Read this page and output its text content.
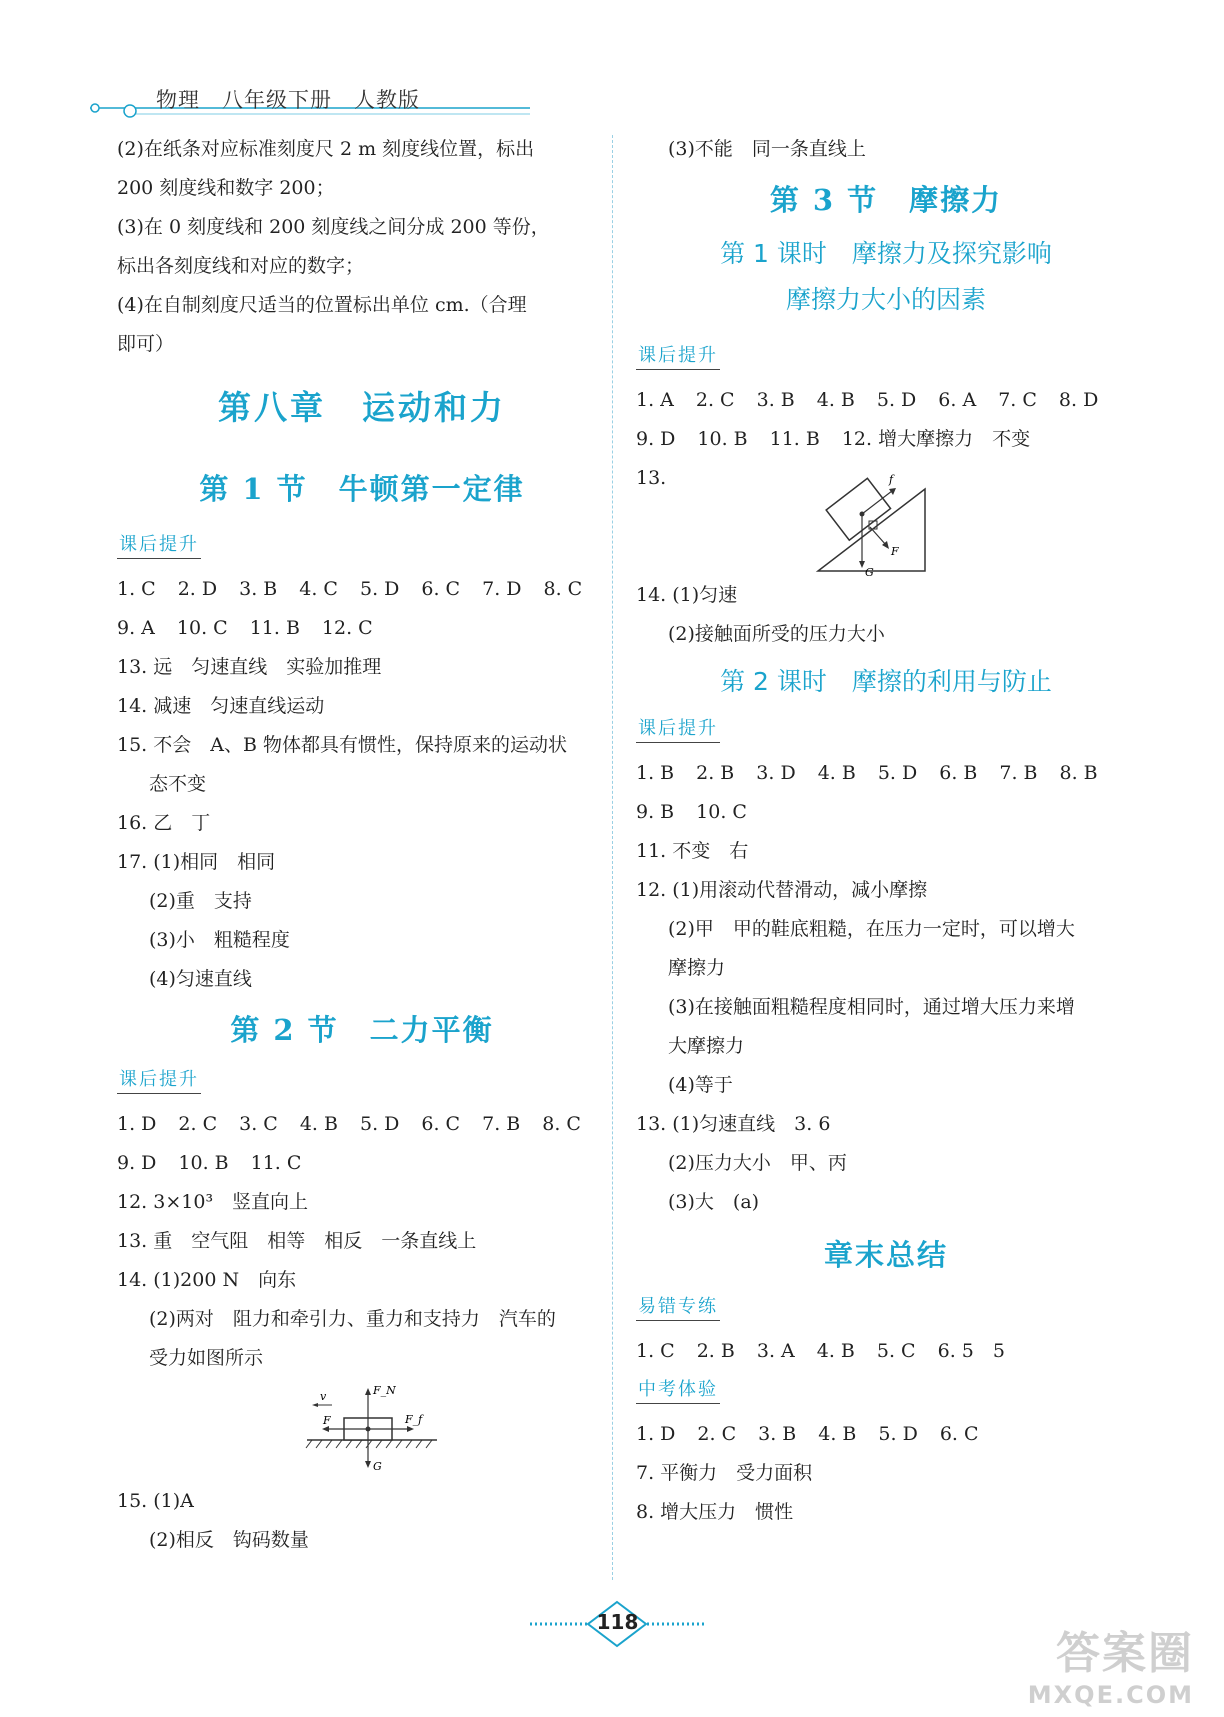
物理　八年级下册　人教版
(2)在纸条对应标准刻度尺 2 m 刻度线位置，标出
200 刻度线和数字 200；
(3)在 0 刻度线和 200 刻度线之间分成 200 等份，
标出各刻度线和对应的数字；
(4)在自制刻度尺适当的位置标出单位 cm.（合理
即可）
第八章　运动和力
第 1 节　牛顿第一定律
课后提升
1. C 2. D 3. B 4. C 5. D 6. C 7. D 8. C
9. A 10. C 11. B 12. C
13. 远　匀速直线　实验加推理
14. 减速　匀速直线运动
15. 不会　A、B 物体都具有惯性，保持原来的运动状
态不变
16. 乙　丁
17. (1)相同　相同
(2)重　支持
(3)小　粗糙程度
(4)匀速直线
第 2 节　二力平衡
课后提升
1. D 2. C 3. C 4. B 5. D 6. C 7. B 8. C
9. D 10. B 11. C
12. 3×10³　竖直向上
13. 重　空气阻　相等　相反　一条直线上
14. (1)200 N　向东
(2)两对　阻力和牵引力、重力和支持力　汽车的
受力如图所示
v	F_N
F	F_f
G
15. (1)A
(2)相反　钩码数量
(3)不能　同一条直线上
第 3 节　摩擦力
第 1 课时　摩擦力及探究影响
摩擦力大小的因素
课后提升
1. A 2. C 3. B 4. B 5. D 6. A 7. C 8. D
9. D 10. B 11. B 12. 增大摩擦力　不变
13.	f
F
G
14. (1)匀速
(2)接触面所受的压力大小
第 2 课时　摩擦的利用与防止
课后提升
1. B 2. B 3. D 4. B 5. D 6. B 7. B 8. B
9. B 10. C
11. 不变　右
12. (1)用滚动代替滑动，减小摩擦
(2)甲　甲的鞋底粗糙，在压力一定时，可以增大
摩擦力
(3)在接触面粗糙程度相同时，通过增大压力来增
大摩擦力
(4)等于
13. (1)匀速直线　3. 6
(2)压力大小　甲、丙
(3)大　(a)
章末总结
易错专练
1. C 2. B 3. A 4. B 5. C 6. 5　5
中考体验
1. D 2. C 3. B 4. B 5. D 6. C
7. 平衡力　受力面积
8. 增大压力　惯性
118
答案圈
MXQE.COM
